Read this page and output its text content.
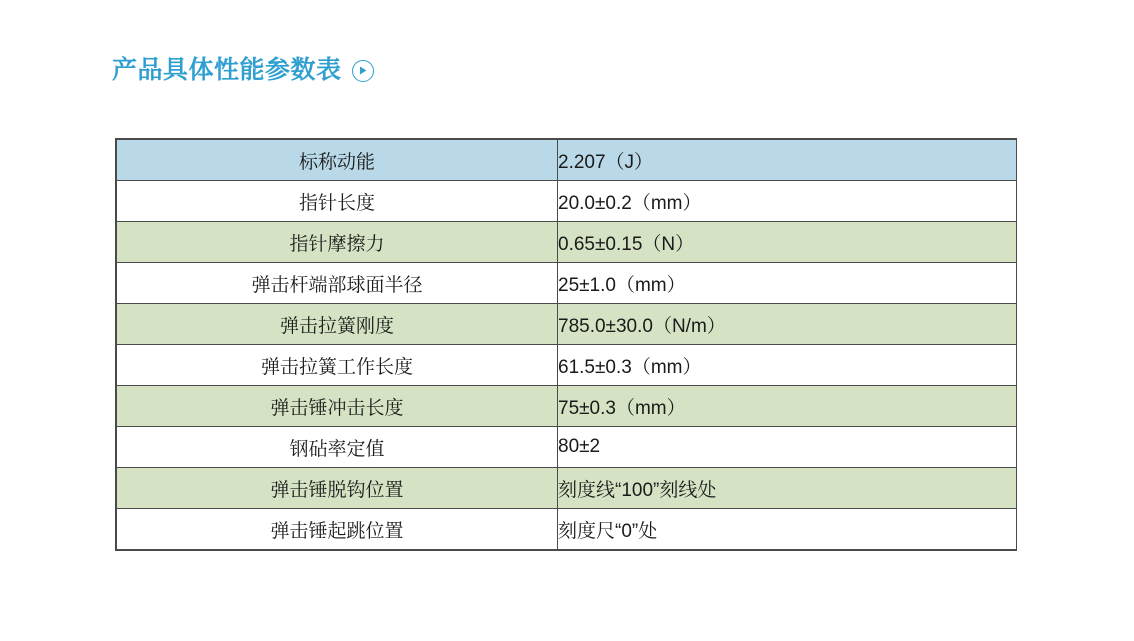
产品具体性能参数表
标称动能	2.207（J）
指针长度	20.0±0.2（mm）
指针摩擦力	0.65±0.15（N）
弹击杆端部球面半径	25±1.0（mm）
弹击拉簧刚度	785.0±30.0（N/m）
弹击拉簧工作长度	61.5±0.3（mm）
弹击锤冲击长度	75±0.3（mm）
钢砧率定值	80±2
弹击锤脱钩位置	刻度线“100”刻线处
弹击锤起跳位置	刻度尺“0”处
